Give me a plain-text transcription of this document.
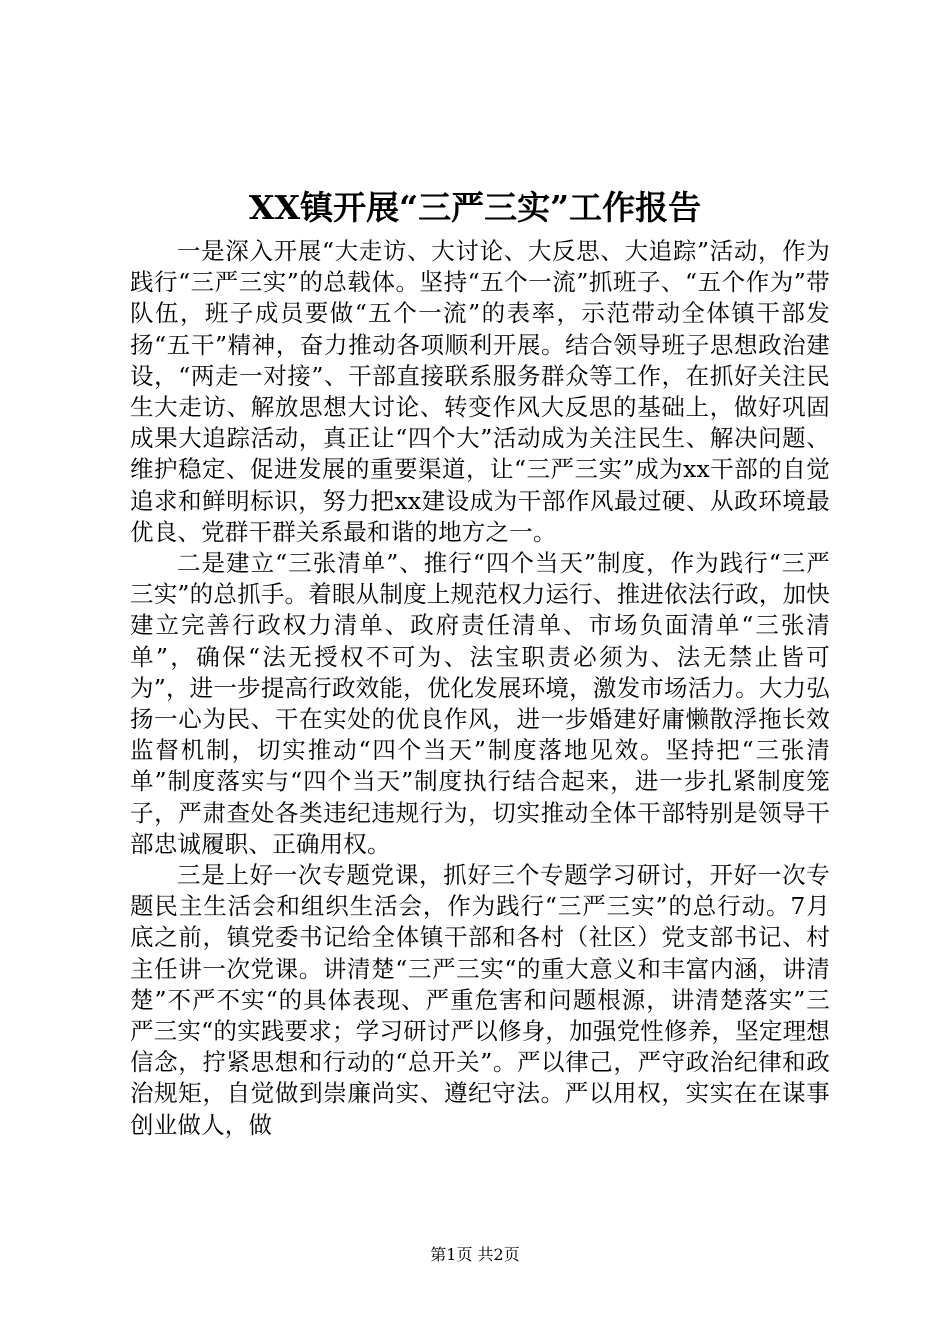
XX镇开展“三严三实”工作报告

一是深入开展“大走访、大讨论、大反思、大追踪”活动，作为践行“三严三实”的总载体。坚持“五个一流”抓班子、“五个作为”带队伍，班子成员要做“五个一流”的表率，示范带动全体镇干部发扬“五干”精神，奋力推动各项顺利开展。结合领导班子思想政治建设，“两走一对接”、干部直接联系服务群众等工作，在抓好关注民生大走访、解放思想大讨论、转变作风大反思的基础上，做好巩固成果大追踪活动，真正让“四个大”活动成为关注民生、解决问题、维护稳定、促进发展的重要渠道，让“三严三实”成为xx干部的自觉追求和鲜明标识，努力把xx建设成为干部作风最过硬、从政环境最优良、党群干群关系最和谐的地方之一。

二是建立“三张清单”、推行“四个当天”制度，作为践行“三严三实”的总抓手。着眼从制度上规范权力运行、推进依法行政，加快建立完善行政权力清单、政府责任清单、市场负面清单“三张清单”，确保“法无授权不可为、法宝职责必须为、法无禁止皆可为”，进一步提高行政效能，优化发展环境，激发市场活力。大力弘扬一心为民、干在实处的优良作风，进一步婚建好庸懒散浮拖长效监督机制，切实推动“四个当天”制度落地见效。坚持把“三张清单”制度落实与“四个当天”制度执行结合起来，进一步扎紧制度笼子，严肃查处各类违纪违规行为，切实推动全体干部特别是领导干部忠诚履职、正确用权。

三是上好一次专题党课，抓好三个专题学习研讨，开好一次专题民主生活会和组织生活会，作为践行“三严三实”的总行动。7月底之前，镇党委书记给全体镇干部和各村（社区）党支部书记、村主任讲一次党课。讲清楚“三严三实“的重大意义和丰富内涵，讲清楚”不严不实“的具体表现、严重危害和问题根源，讲清楚落实”三严三实“的实践要求；学习研讨严以修身，加强党性修养，坚定理想信念，拧紧思想和行动的“总开关”。严以律己，严守政治纪律和政治规矩，自觉做到崇廉尚实、遵纪守法。严以用权，实实在在谋事创业做人，做

第1页 共2页
